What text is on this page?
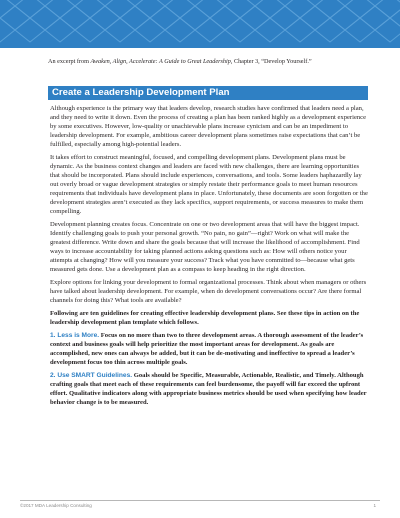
An excerpt from Awaken, Align, Accelerate: A Guide to Great Leadership, Chapter 3, “Develop Yourself.”
Create a Leadership Development Plan

Although experience is the primary way that leaders develop, research studies have confirmed that leaders need a plan, and they need to write it down. Even the process of creating a plan has been ranked highly as a development experience by some executives. However, low-quality or unachievable plans increase cynicism and can be an impediment to leadership development. For example, ambitious career development plans sometimes raise expectations that can’t be fulfilled, especially among high-potential leaders.

It takes effort to construct meaningful, focused, and compelling development plans. Development plans must be dynamic. As the business context changes and leaders are faced with new challenges, there are learning opportunities that should be incorporated. Plans should include experiences, conversations, and tools. Some leaders haphazardly lay out overly broad or vague development strategies or simply restate their performance goals to meet human resources requirements that individuals have development plans in place. Unfortunately, these documents are soon forgotten or the development strategies aren’t executed as they lack specifics, support requirements, or success measures to make them compelling.

Development planning creates focus. Concentrate on one or two development areas that will have the biggest impact. Identify challenging goals to push your personal growth. “No pain, no gain”—right? Work on what will make the greatest difference. Write down and share the goals because that will increase the likelihood of accomplishment. Find ways to increase accountability for taking planned actions asking questions such as: How will others notice your attempts at changing? How will you measure your success? Track what you have committed to—because what gets measured gets done. Use a development plan as a compass to keep heading in the right direction.

Explore options for linking your development to formal organizational processes. Think about when managers or others have talked about leadership development. For example, when do development conversations occur? Are there formal channels for doing this? What tools are available?

Following are ten guidelines for creating effective leadership development plans. See these tips in action on the leadership development plan template which follows.

1. Less is More. Focus on no more than two to three development areas. A thorough assessment of the leader’s context and business goals will help prioritize the most important areas for development. As goals are accomplished, new ones can always be added, but it can be de-motivating and ineffective to spread a leader’s development focus too thin across multiple goals.

2. Use SMART Guidelines. Goals should be Specific, Measurable, Actionable, Realistic, and Timely. Although crafting goals that meet each of these requirements can feel burdensome, the payoff will far exceed the upfront effort. Qualitative indicators along with appropriate business metrics should be used when specifying how leader behavior change is to be measured.

©2017 MDA Leadership Consulting	1
